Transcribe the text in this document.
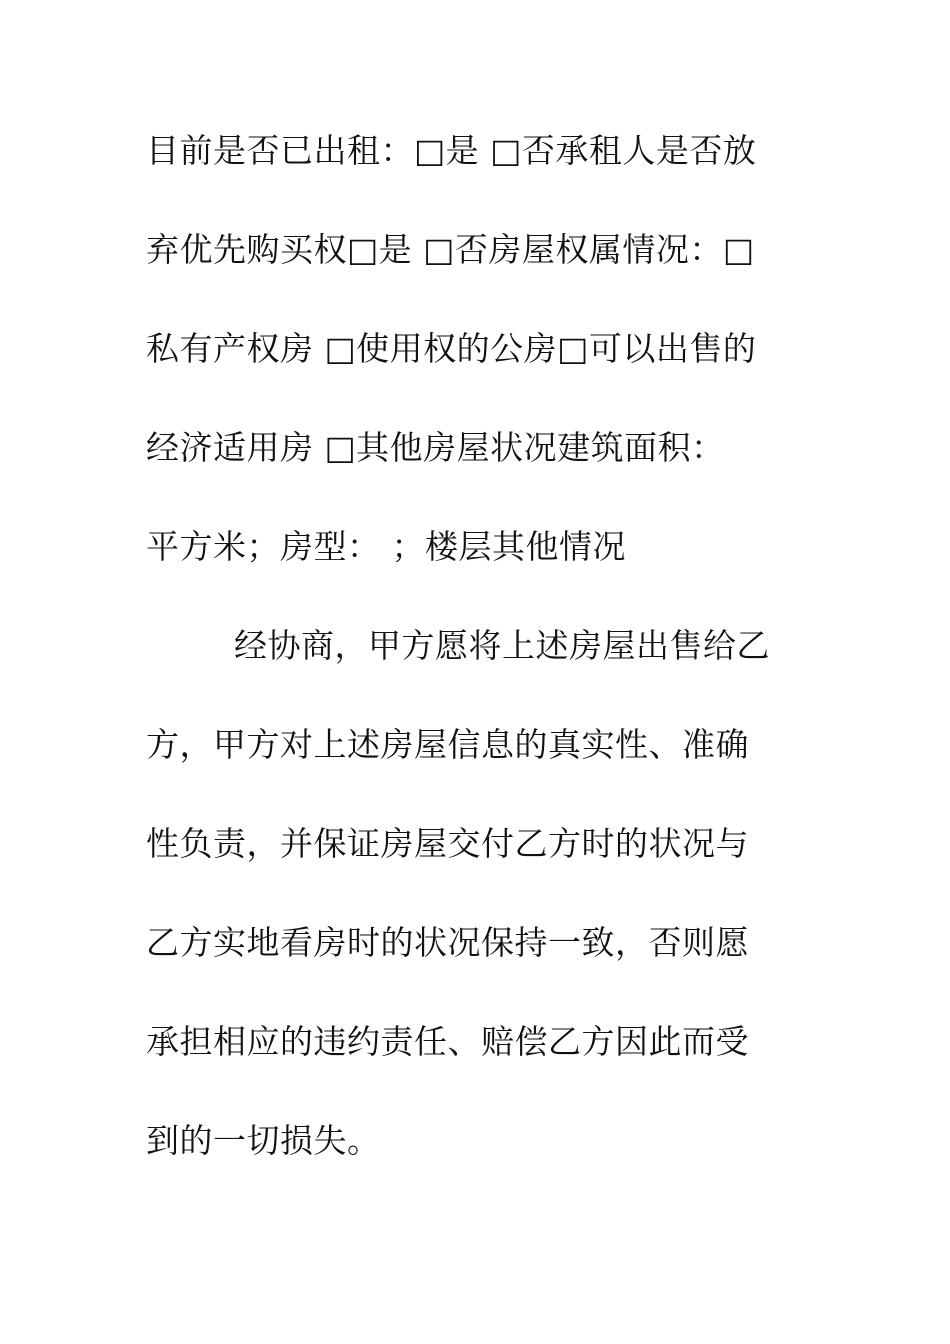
目前是否已出租：□是 □否承租人是否放
弃优先购买权□是 □否房屋权属情况：□
私有产权房 □使用权的公房□可以出售的
经济适用房 □其他房屋状况建筑面积：
平方米；房型： ；楼层其他情况
经协商，甲方愿将上述房屋出售给乙
方，甲方对上述房屋信息的真实性、准确
性负责，并保证房屋交付乙方时的状况与
乙方实地看房时的状况保持一致，否则愿
承担相应的违约责任、赔偿乙方因此而受
到的一切损失。
